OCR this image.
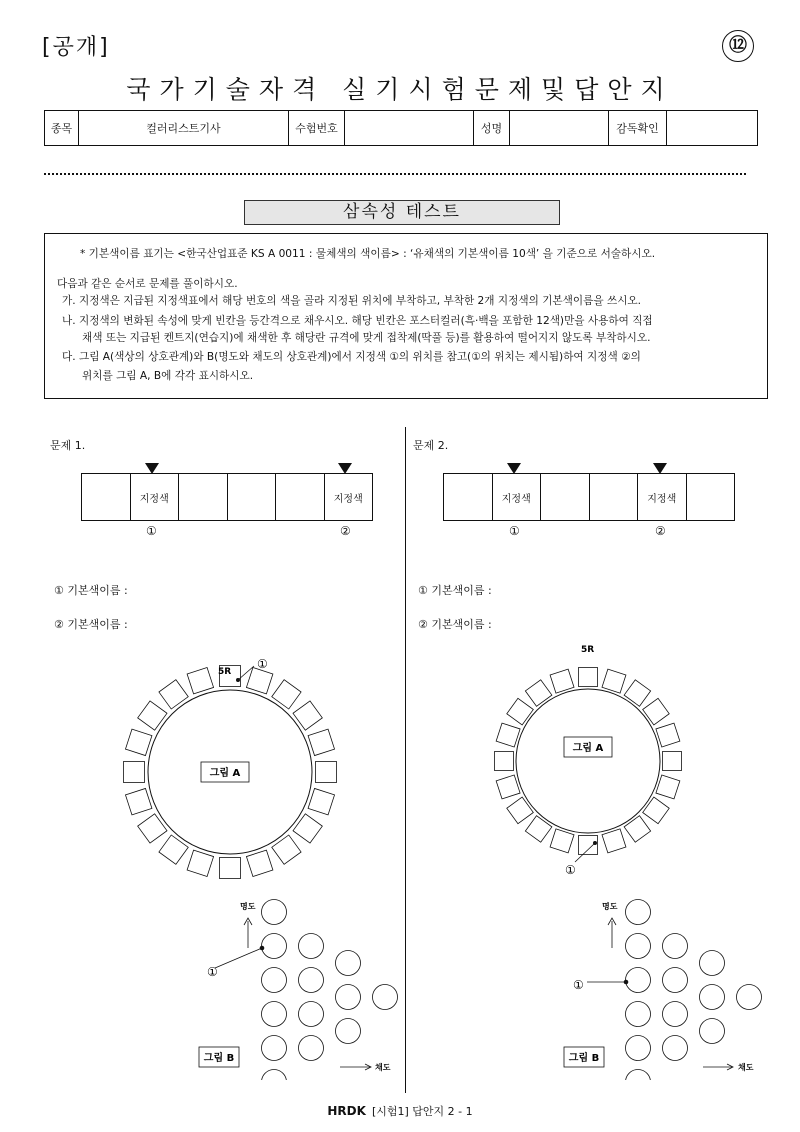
[공개]	⑫
국가기술자격 실기시험문제및답안지
종목	컬러리스트기사	수험번호		성명		감독확인	
삼속성 테스트
* 기본색이름 표기는 <한국산업표준 KS A 0011 : 물체색의 색이름> : ‘유채색의 기본색이름 10색’ 을 기준으로 서술하시오.
다음과 같은 순서로 문제를 풀이하시오.
가. 지정색은 지급된 지정색표에서 해당 번호의 색을 골라 지정된 위치에 부착하고, 부착한 2개 지정색의 기본색이름을 쓰시오.
나. 지정색의 변화된 속성에 맞게 빈칸을 등간격으로 채우시오. 해당 빈칸은 포스터컬러(흑·백을 포함한 12색)만을 사용하여 직접
채색 또는 지급된 켄트지(연습지)에 채색한 후 해당란 규격에 맞게 접착제(딱풀 등)를 활용하여 떨어지지 않도록 부착하시오.
다. 그림 A(색상의 상호관계)와 B(명도와 채도의 상호관계)에서 지정색 ①의 위치를 참고(①의 위치는 제시됨)하여 지정색 ②의
위치를 그림 A, B에 각각 표시하시오.
문제 1.
지정색	지정색
①	②
① 기본색이름 :
② 기본색이름 :
5R
①
그림 A
명도
①
그림 B
채도
문제 2.
지정색	지정색
①	②
① 기본색이름 :
② 기본색이름 :
5R
①
그림 A
명도
①
그림 B
채도
HRDK [시험1] 답안지 2 - 1
